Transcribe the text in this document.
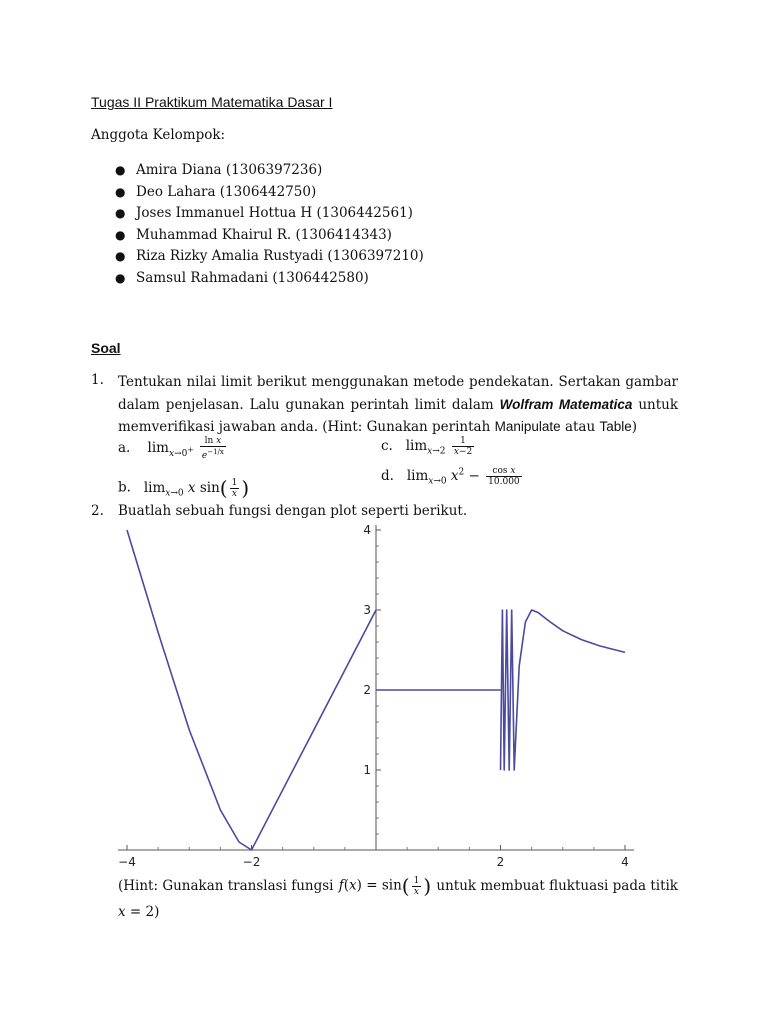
Tugas II Praktikum Matematika Dasar I
Anggota Kelompok:
● Amira Diana (1306397236)
● Deo Lahara (1306442750)
● Joses Immanuel Hottua H (1306442561)
● Muhammad Khairul R. (1306414343)
● Riza Rizky Amalia Rustyadi (1306397210)
● Samsul Rahmadani (1306442580)
Soal
1. Tentukan nilai limit berikut menggunakan metode pendekatan. Sertakan gambar
dalam penjelasan. Lalu gunakan perintah limit dalam Wolfram Matematica untuk
memverifikasi jawaban anda. (Hint: Gunakan perintah Manipulate atau Table)
a. $\lim_{x\to 0^+} \frac{\text{ln x}}{e^{-1/x}}$
b. $\lim_{x\to 0} x$ $\sin( \frac{1}{x}$ )
c. $\lim_{x\to 2} \frac{1}{x-2}$
d. $\lim_{x\to 0} x^2 - \frac{\text{cos x}}{10.000}$
2. Buatlah sebuah fungsi dengan plot seperti berikut.
−4	−2	2	4
1
2
3
4
(Hint: Gunakan translasi fungsi $f(x) = \sin( \frac{1}{x}$ ) untuk membuat fluktuasi pada titik
x = 2)
